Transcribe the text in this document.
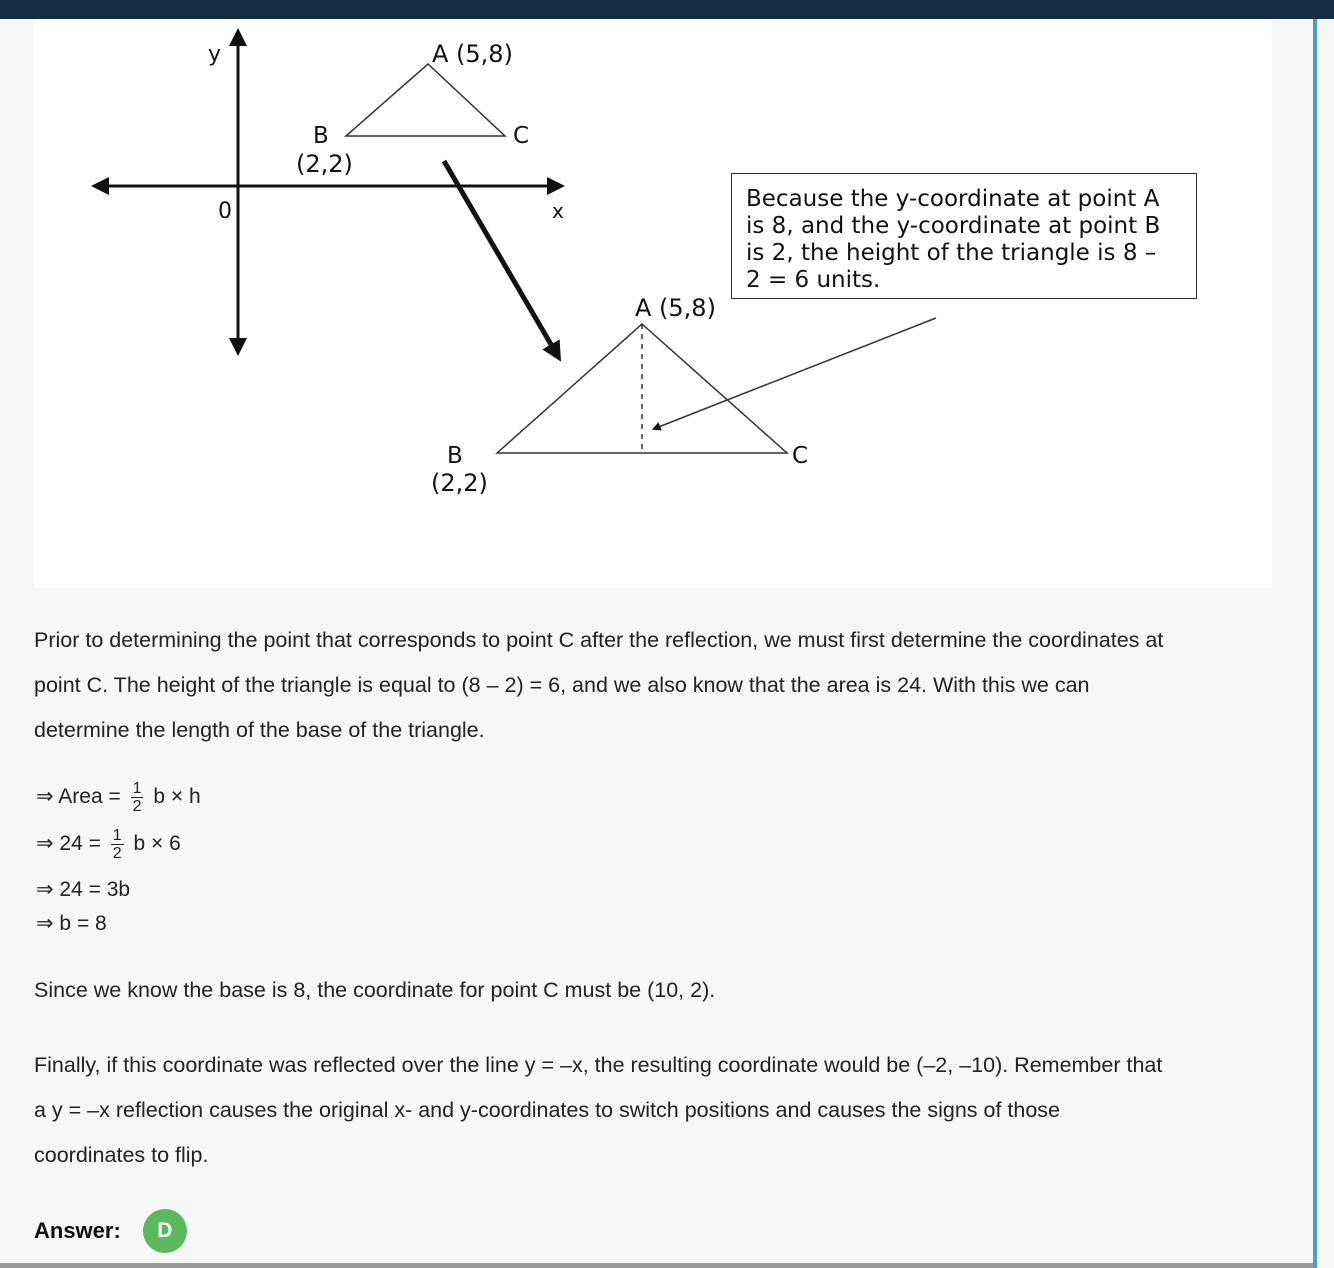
y
x
0
A (5,8)
B
(2,2)
C
A (5,8)
B
(2,2)
C
Because the y-coordinate at point A
is 8, and the y-coordinate at point B
is 2, the height of the triangle is 8 –
2 = 6 units.
Prior to determining the point that corresponds to point C after the reflection, we must first determine the coordinates at
point C. The height of the triangle is equal to (8 – 2) = 6, and we also know that the area is 24. With this we can
determine the length of the base of the triangle.
⇒ Area = $\frac{1}{2}$ b × h
⇒ $24 = \frac{1}{2}$ b × 6
⇒ 24 = 3b
⇒ b = 8
Since we know the base is 8, the coordinate for point C must be (10, 2).
Finally, if this coordinate was reflected over the line y = –x, the resulting coordinate would be (–2, –10). Remember that
a y = –x reflection causes the original x- and y-coordinates to switch positions and causes the signs of those
coordinates to flip.
Answer:	D
